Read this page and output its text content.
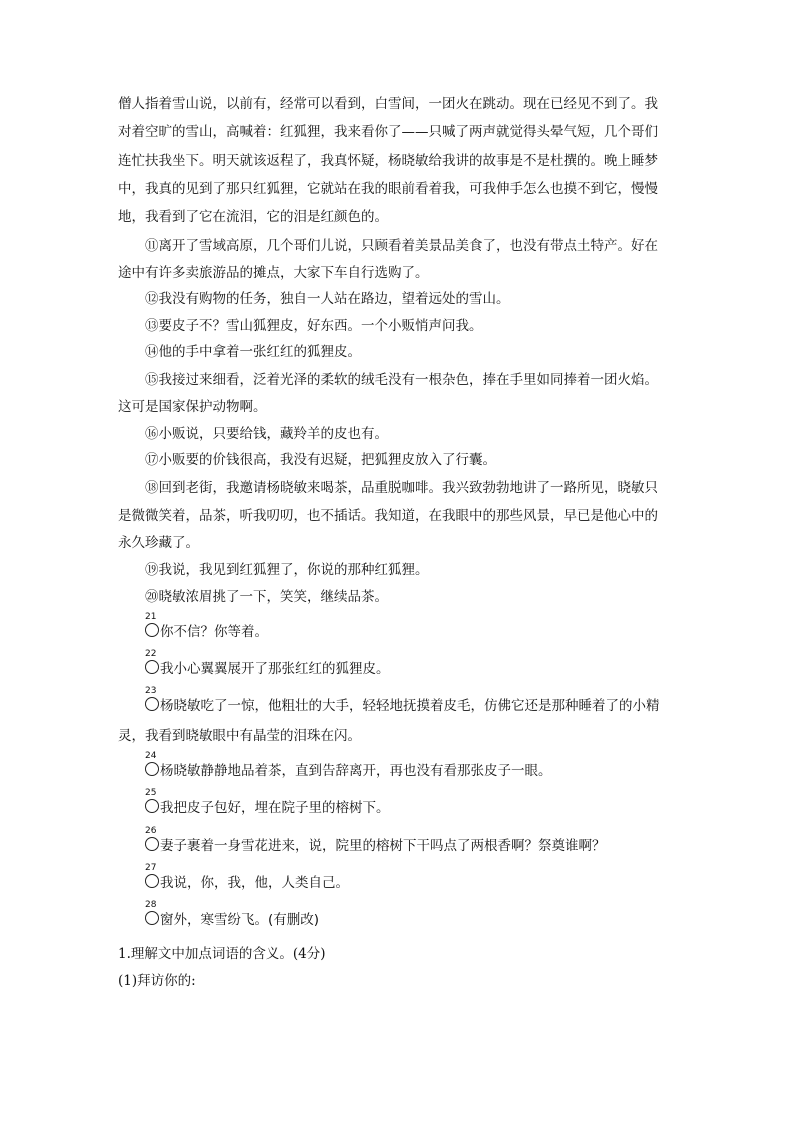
僧人指着雪山说，以前有，经常可以看到，白雪间，一团火在跳动。现在已经见不到了。我
对着空旷的雪山，高喊着：红狐狸，我来看你了——只喊了两声就觉得头晕气短，几个哥们
连忙扶我坐下。明天就该返程了，我真怀疑，杨晓敏给我讲的故事是不是杜撰的。晚上睡梦
中，我真的见到了那只红狐狸，它就站在我的眼前看着我，可我伸手怎么也摸不到它，慢慢
地，我看到了它在流泪，它的泪是红颜色的。
⑪离开了雪域高原，几个哥们儿说，只顾看着美景品美食了，也没有带点土特产。好在
途中有许多卖旅游品的摊点，大家下车自行选购了。
⑫我没有购物的任务，独自一人站在路边，望着远处的雪山。
⑬要皮子不？雪山狐狸皮，好东西。一个小贩悄声问我。
⑭他的手中拿着一张红红的狐狸皮。
⑮我接过来细看，泛着光泽的柔软的绒毛没有一根杂色，捧在手里如同捧着一团火焰。
这可是国家保护动物啊。
⑯小贩说，只要给钱，藏羚羊的皮也有。
⑰小贩要的价钱很高，我没有迟疑，把狐狸皮放入了行囊。
⑱回到老街，我邀请杨晓敏来喝茶，品重脱咖啡。我兴致勃勃地讲了一路所见，晓敏只
是微微笑着，品茶，听我叨叨，也不插话。我知道，在我眼中的那些风景，早已是他心中的
永久珍藏了。
⑲我说，我见到红狐狸了，你说的那种红狐狸。
⑳晓敏浓眉挑了一下，笑笑，继续品茶。
21
你不信？你等着。
22
我小心翼翼展开了那张红红的狐狸皮。
23
杨晓敏吃了一惊，他粗壮的大手，轻轻地抚摸着皮毛，仿佛它还是那种睡着了的小精
灵，我看到晓敏眼中有晶莹的泪珠在闪。
24
杨晓敏静静地品着茶，直到告辞离开，再也没有看那张皮子一眼。
25
我把皮子包好，埋在院子里的榕树下。
26
妻子裹着一身雪花进来，说，院里的榕树下干吗点了两根香啊？祭奠谁啊？
27
我说，你，我，他，人类自己。
28
窗外，寒雪纷飞。(有删改)
1.理解文中加点词语的含义。(4分)
(1)拜访你的:
